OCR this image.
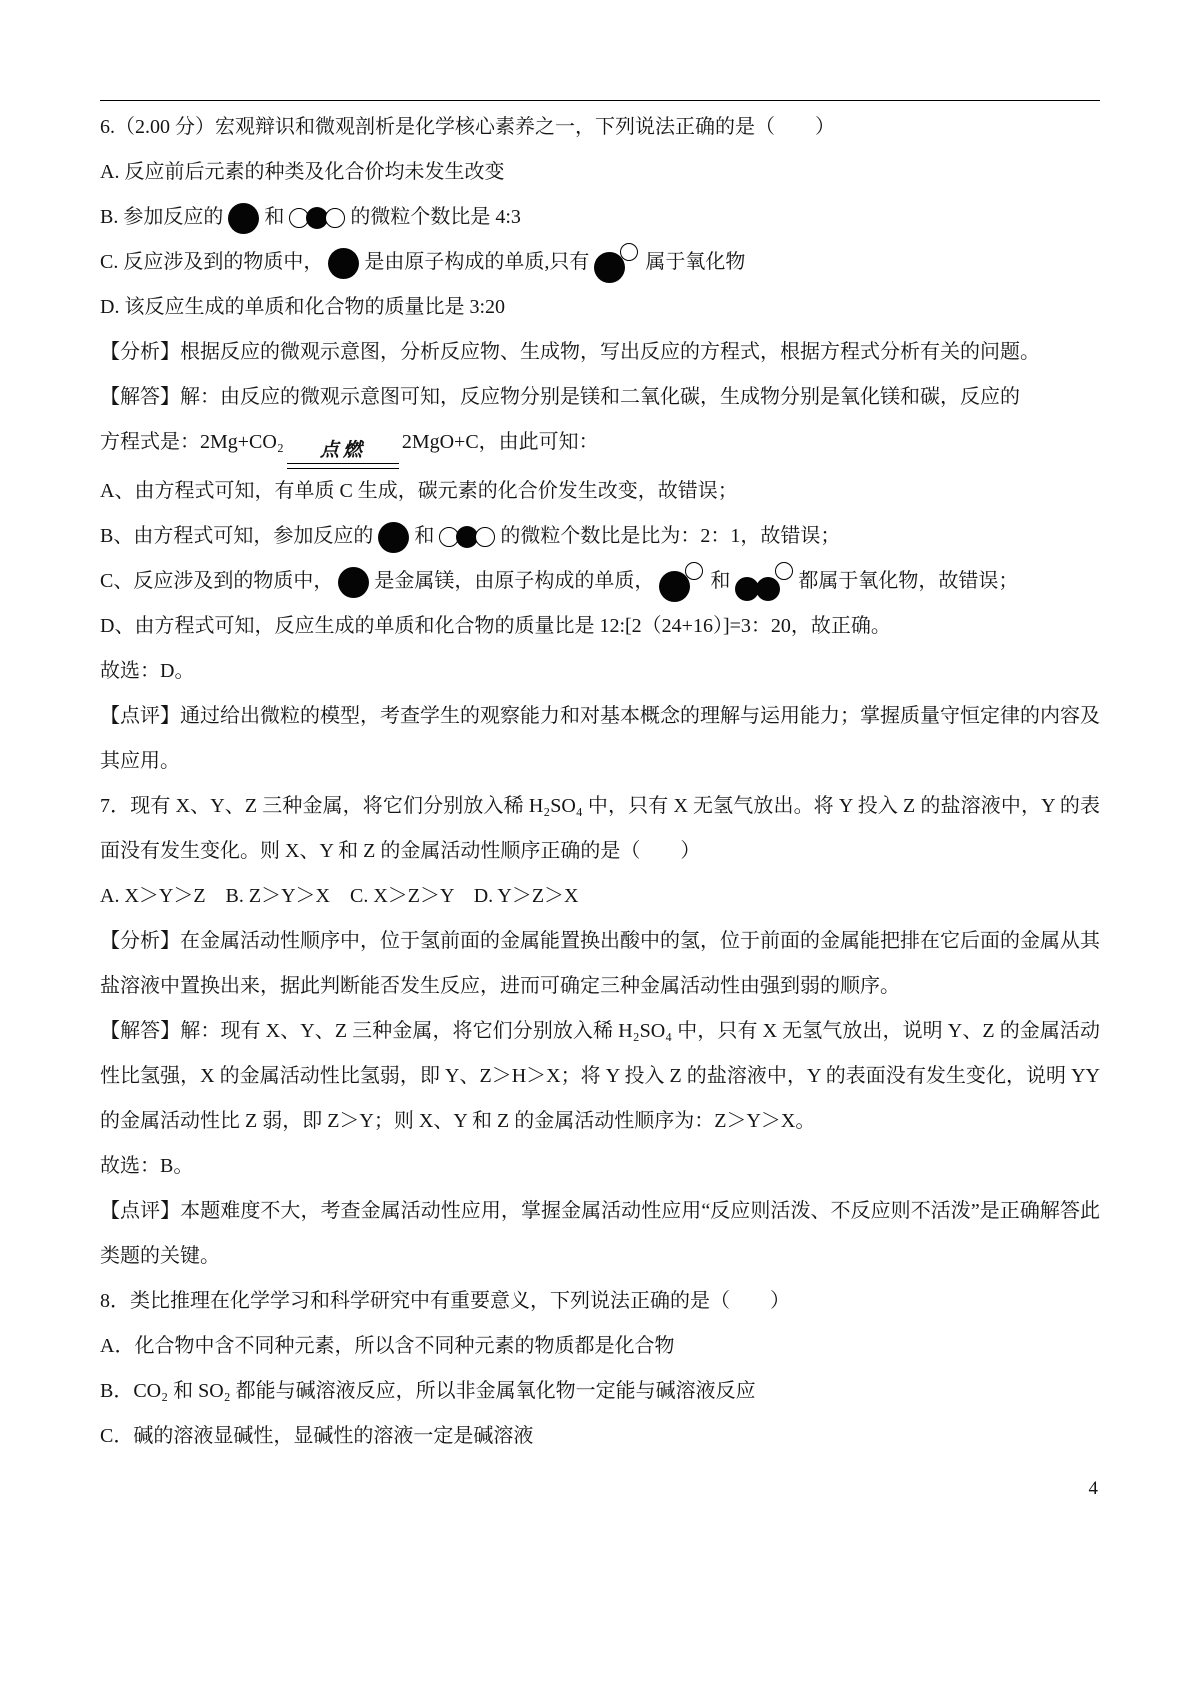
6.（2.00 分）宏观辩识和微观剖析是化学核心素养之一，下列说法正确的是（　　）

A. 反应前后元素的种类及化合价均未发生改变

B. 参加反应的 和	的微粒个数比是 4:3

C. 反应涉及到的物质中， 是由原子构成的单质,只有	属于氧化物

D. 该反应生成的单质和化合物的质量比是 3:20

【分析】根据反应的微观示意图，分析反应物、生成物，写出反应的方程式，根据方程式分析有关的问题。

【解答】解：由反应的微观示意图可知，反应物分别是镁和二氧化碳，生成物分别是氧化镁和碳，反应的

方程式是：2Mg+CO₂	点燃	2MgO+C，由此可知：

A、由方程式可知，有单质 C 生成，碳元素的化合价发生改变，故错误；

B、由方程式可知，参加反应的 和	的微粒个数比是比为：2：1，故错误；

C、反应涉及到的物质中， 是金属镁，由原子构成的单质，	和	都属于氧化物，故错误；

D、由方程式可知，反应生成的单质和化合物的质量比是 12:[2（24+16）]=3：20，故正确。

故选：D。

【点评】通过给出微粒的模型，考查学生的观察能力和对基本概念的理解与运用能力；掌握质量守恒定律的内容及其应用。

7．现有 X、Y、Z 三种金属，将它们分别放入稀 H₂SO₄ 中，只有 X 无氢气放出。将 Y 投入 Z 的盐溶液中，Y 的表面没有发生变化。则 X、Y 和 Z 的金属活动性顺序正确的是（　　）

A. X＞Y＞Z　B. Z＞Y＞X　C. X＞Z＞Y　D. Y＞Z＞X

【分析】在金属活动性顺序中，位于氢前面的金属能置换出酸中的氢，位于前面的金属能把排在它后面的金属从其盐溶液中置换出来，据此判断能否发生反应，进而可确定三种金属活动性由强到弱的顺序。

【解答】解：现有 X、Y、Z 三种金属，将它们分别放入稀 H₂SO₄ 中，只有 X 无氢气放出，说明 Y、Z 的金属活动性比氢强，X 的金属活动性比氢弱，即 Y、Z＞H＞X；将 Y 投入 Z 的盐溶液中，Y 的表面没有发生变化，说明 YY 的金属活动性比 Z 弱，即 Z＞Y；则 X、Y 和 Z 的金属活动性顺序为：Z＞Y＞X。

故选：B。

【点评】本题难度不大，考查金属活动性应用，掌握金属活动性应用“反应则活泼、不反应则不活泼”是正确解答此类题的关键。

8．类比推理在化学学习和科学研究中有重要意义，下列说法正确的是（　　）

A．化合物中含不同种元素，所以含不同种元素的物质都是化合物

B．CO₂ 和 SO₂ 都能与碱溶液反应，所以非金属氧化物一定能与碱溶液反应

C．碱的溶液显碱性，显碱性的溶液一定是碱溶液

4
